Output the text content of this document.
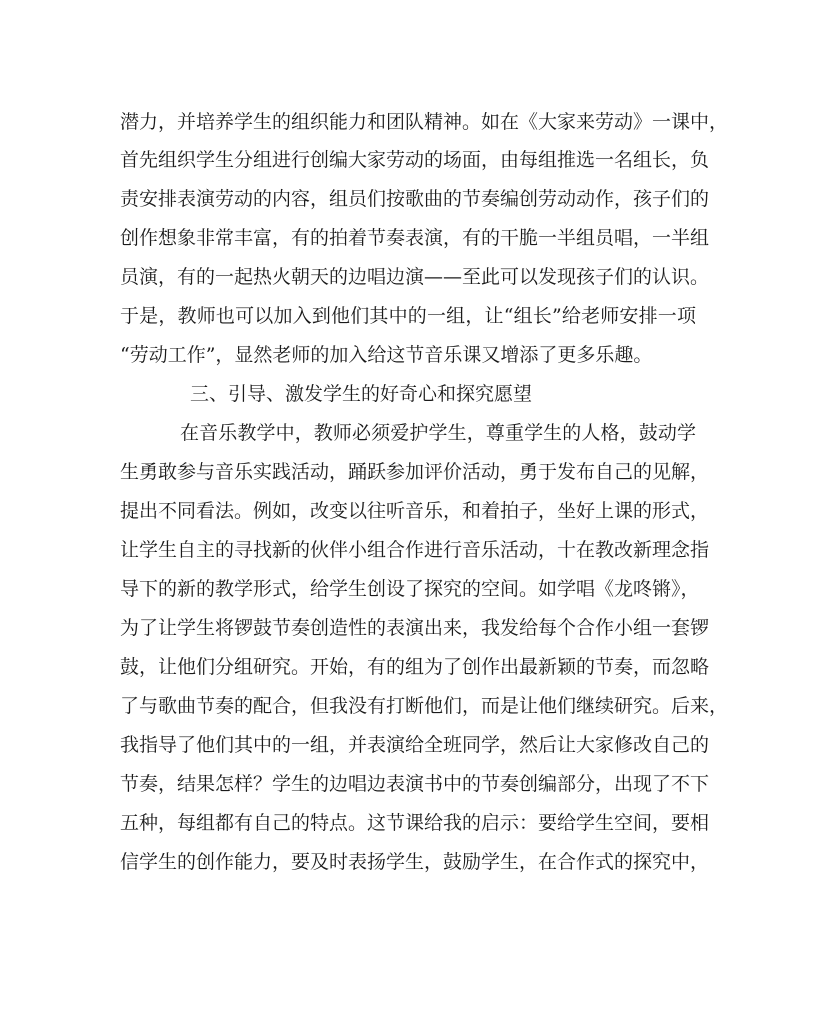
潜力，并培养学生的组织能力和团队精神。如在《大家来劳动》一课中，
首先组织学生分组进行创编大家劳动的场面，由每组推选一名组长，负
责安排表演劳动的内容，组员们按歌曲的节奏编创劳动动作，孩子们的
创作想象非常丰富，有的拍着节奏表演，有的干脆一半组员唱，一半组
员演，有的一起热火朝天的边唱边演——至此可以发现孩子们的认识。
于是，教师也可以加入到他们其中的一组，让“组长”给老师安排一项
“劳动工作”，显然老师的加入给这节音乐课又增添了更多乐趣。
三、引导、激发学生的好奇心和探究愿望
在音乐教学中，教师必须爱护学生，尊重学生的人格，鼓动学
生勇敢参与音乐实践活动，踊跃参加评价活动，勇于发布自己的见解，
提出不同看法。例如，改变以往听音乐，和着拍子，坐好上课的形式，
让学生自主的寻找新的伙伴小组合作进行音乐活动，十在教改新理念指
导下的新的教学形式，给学生创设了探究的空间。如学唱《龙咚锵》，
为了让学生将锣鼓节奏创造性的表演出来，我发给每个合作小组一套锣
鼓，让他们分组研究。开始，有的组为了创作出最新颖的节奏，而忽略
了与歌曲节奏的配合，但我没有打断他们，而是让他们继续研究。后来，
我指导了他们其中的一组，并表演给全班同学，然后让大家修改自己的
节奏，结果怎样？学生的边唱边表演书中的节奏创编部分，出现了不下
五种，每组都有自己的特点。这节课给我的启示：要给学生空间，要相
信学生的创作能力，要及时表扬学生，鼓励学生，在合作式的探究中，
